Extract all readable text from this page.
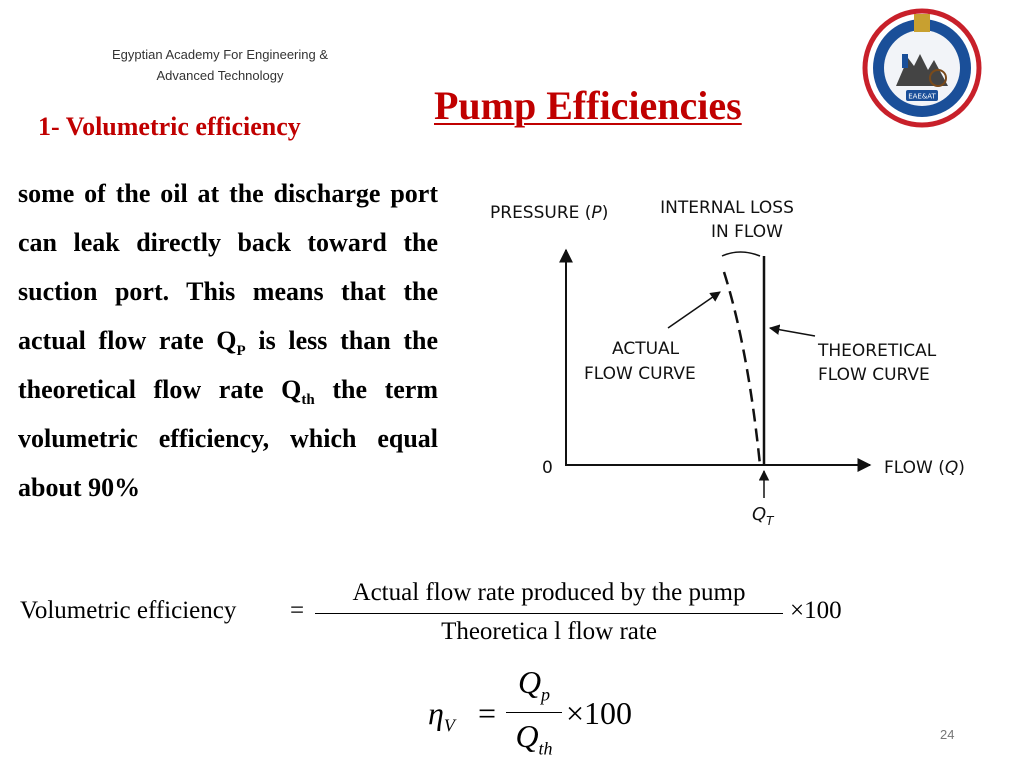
Egyptian Academy For Engineering &
Advanced Technology
1- Volumetric efficiency	Pump Efficiencies	EAE&AT
some of the oil at the discharge port can leak directly back toward the suction port. This means that the actual flow rate $Q_P$ is less than the theoretical flow rate $Q_{th}$ the term volumetric efficiency, which equal about 90%
PRESSURE (P)	INTERNAL LOSS
IN FLOW
ACTUAL
FLOW CURVE
THEORETICAL
FLOW CURVE
0	FLOW (Q)
$Q_T$
Volumetric efficiency =
Actual flow rate produced by the pump
Theoretica l flow rate
×100
$\eta_V$ =
$Q_p$
$Q_{th}$
×100
24
